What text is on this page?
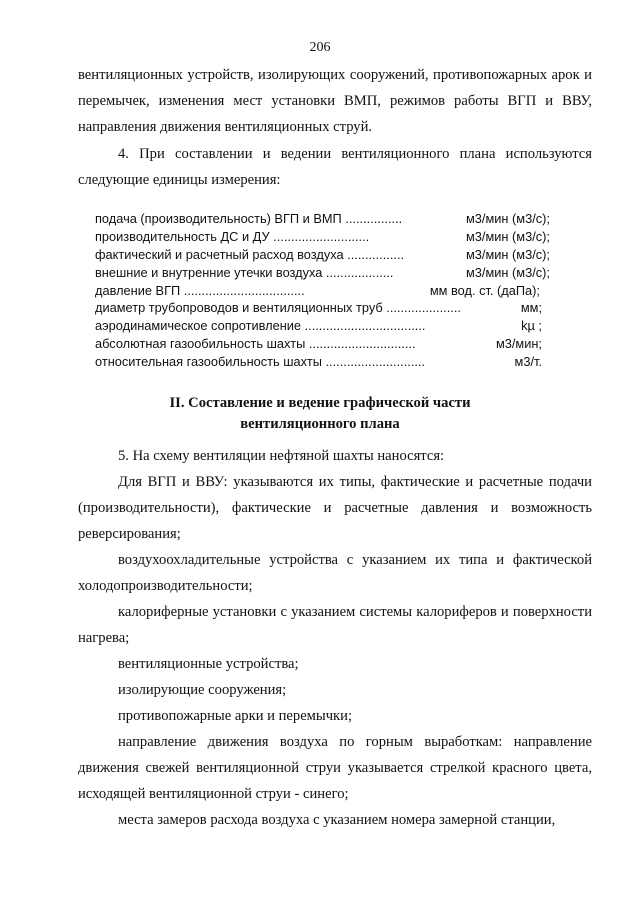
206

вентиляционных устройств, изолирующих сооружений, противопожарных арок и перемычек, изменения мест установки ВМП, режимов работы ВГП и ВВУ, направления движения вентиляционных струй.

4. При составлении и ведении вентиляционного плана используются следующие единицы измерения:

подача (производительность) ВГП и ВМП ................	м3/мин (м3/с);
производительность ДС и ДУ ...........................	м3/мин (м3/с);
фактический и расчетный расход воздуха ................	м3/мин (м3/с);
внешние и внутренние утечки воздуха ...................	м3/мин (м3/с);
давление ВГП ..................................	мм вод. ст. (даПа);
диаметр трубопроводов и вентиляционных труб .....................	мм;
аэродинамическое сопротивление ..................................	kµ ;
абсолютная газообильность шахты ..............................	м3/мин;
относительная газообильность шахты ............................	м3/т.
II. Составление и ведение графической части
вентиляционного плана

5. На схему вентиляции нефтяной шахты наносятся:

Для ВГП и ВВУ: указываются их типы, фактические и расчетные подачи (производительности), фактические и расчетные давления и возможность реверсирования;

воздухоохладительные устройства с указанием их типа и фактической холодопроизводительности;

калориферные установки с указанием системы калориферов и поверхности нагрева;

вентиляционные устройства;

изолирующие сооружения;

противопожарные арки и перемычки;

направление движения воздуха по горным выработкам: направление движения свежей вентиляционной струи указывается стрелкой красного цвета, исходящей вентиляционной струи - синего;

места замеров расхода воздуха с указанием номера замерной станции,
